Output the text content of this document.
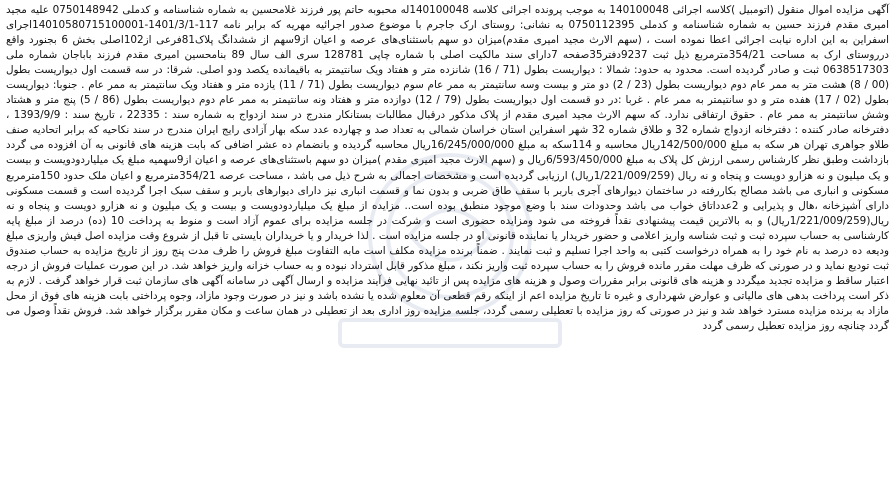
آگهی مزایده اموال منقول (اتومبیل )کلاسه اجرائی 140100048 به موجب پرونده اجرائی کلاسه 140100048له محبوبه حاتم پور فرزند غلامحسین به شماره شناسنامه و کدملی 0750148942 علیه مجید امیری مقدم فرزند حسین به شماره شناسنامه و کدملی 0750112395 به نشانی: روستای ارک جاجرم با موضوع صدور اجرائیه مهریه که برابر نامه 117-1401/3/1-14010580715100001اجرای اسفراین به این اداره نیابت اجرائی اعطا نموده است ، (سهم الارث مجید امیری مقدم)میزان دو سهم باستثنای‌های عرصه و اعیان از9سهم از ششدانگ پلاک81فرعی از102اصلی بخش 6 بجنورد واقع درروستای ارک به مساحت 354/21مترمربع ذیل ثبت 9237دفتر35صفحه 7دارای سند مالکیت اصلی با شماره چاپی 128781 سری الف سال 89 بنامحسین امیری مقدم فرزند باباجان شماره ملی 0638517303 ثبت و صادر گردیده است. محدود به حدود: شمالا : دیواریست بطول (71 / 16) شانزده متر و هفتاد ویک سانتیمتر به باقیمانده یکصد ودو اصلی. شرقا: در سه قسمت اول دیواریست بطول (00 / 8) هشت متر به ممر عام دوم دیواریست بطول (23 / 2) دو متر و بیست وسه سانتیمتر به ممر عام سوم دیواریست بطول (71 / 11) یازده متر و هفتاد ویک سانتیمتر به ممر عام . جنوبا: دیواریست بطول (02 / 17) هفده متر و دو سانتیمتر به ممر عام . غربا :در دو قسمت اول دیواریست بطول (79 / 12) دوازده متر و هفتاد ونه سانتیمتر به ممر عام دوم دیواریست بطول (86 / 5) پنج متر و هشتاد وشش سانتیمتر به ممر عام . حقوق ارتفاقی ندارد. که سهم الارث مجید امیری مقدم از پلاک مذکور درقبال مطالبات بستانکار مندرج در سند ازدواج به شماره سند : 22335 ، تاریخ سند : 1393/9/9 ، دفترخانه صادر کننده : دفترخانه ازدواج شماره 32 و طلاق شماره 32 شهر اسفراین استان خراسان شمالی به تعداد صد و چهارده عدد سکه بهار آزادی رایج ایران مندرج در سند نکاحیه که برابر اتحادیه صنف طلاو جواهری تهران هر سکه به مبلغ 142/500/000ریال محاسبه و 114سکه به مبلغ 16/245/000/000ریال محاسبه گردیده و بانضمام ده عشر اضافی که بابت هزینه های قانونی به آن افزوده می گردد بازداشت وطبق نظر کارشناس رسمی ارزش کل پلاک به مبلغ 6/593/450/000ریال و (سهم الارث مجید امیری مقدم )میزان دو سهم باستثنای‌های عرصه و اعیان از9سهمیه مبلغ یک میلیاردودویست و بیست و یک میلیون و نه هزارو دویست و پنجاه و نه ریال (1/221/009/259ریال) ارزیابی گردیده است و مشخصات اجمالی به شرح ذیل می باشد ، مساحت عرصه 354/21مترمربع و اعیان ملک حدود 150مترمربع مسکونی و انباری می باشد مصالح بکاررفته در ساختمان دیوارهای آجری باربر با سقف طاق ضربی و بدون نما و قسمت انباری نیز دارای دیوارهای باربر و سقف سبک اجرا گردیده است و قسمت مسکونی دارای آشپزخانه ،هال و پذیرایی و 2عدداتاق خواب می باشد وحدودات سند با وضع موجود منطبق بوده است.. مزایده از مبلغ یک میلیاردودویست و بیست و یک میلیون و نه هزارو دویست و پنجاه و نه ریال(1/221/009/259ریال) و به بالاترین قیمت پیشنهادی نقداً فروخته می شود ومزایده حضوری است و شرکت در جلسه مزایده برای عموم آزاد است و منوط به پرداخت 10 (ده) درصد از مبلغ پایه کارشناسی به حساب سپرده ثبت و ثبت شناسه واریز اعلامی و حضور خریدار یا نماینده قانونی او در جلسه مزایده است . لذا خریدار و یا خریداران بایستی تا قبل از شروع وقت مزایده اصل فیش واریزی مبلغ ودیعه ده درصد به نام خود را به همراه درخواست کتبی به واحد اجرا تسلیم و ثبت نمایند . ضمناً برنده مزایده مکلف است مابه التفاوت مبلغ فروش را ظرف مدت پنج روز از تاریخ مزایده به حساب صندوق ثبت تودیع نماید و در صورتی که ظرف مهلت مقرر مانده فروش را به حساب سپرده ثبت واریز نکند ، مبلغ مذکور قابل استرداد نبوده و به حساب خزانه واریز خواهد شد. در این صورت عملیات فروش از درجه اعتبار ساقط و مزایده تجدید میگردد و هزینه های قانونی برابر مقررات وصول و هزینه های مزایده پس از تائید نهایی فرآیند مزایده و ارسال آگهی در سامانه آگهی های سازمان ثبت قرار خواهد گرفت . لازم به ذکر است پرداخت بدهی های مالیاتی و عوارض شهرداری و غیره تا تاریخ مزایده اعم از اینکه رقم قطعی آن معلوم شده یا نشده باشد و نیز در صورت وجود مازاد، وجوه پرداختی بابت هزینه های فوق از محل مازاد به برنده مزایده مسترد خواهد شد و نیز در صورتی که روز مزایده با تعطیلی رسمی گردد، جلسه مزایده روز اداری بعد از تعطیلی در همان ساعت و مکان مقرر برگزار خواهد شد. فروش نقداً وصول می گردد چنانچه روز مزایده تعطیل رسمی گردد
